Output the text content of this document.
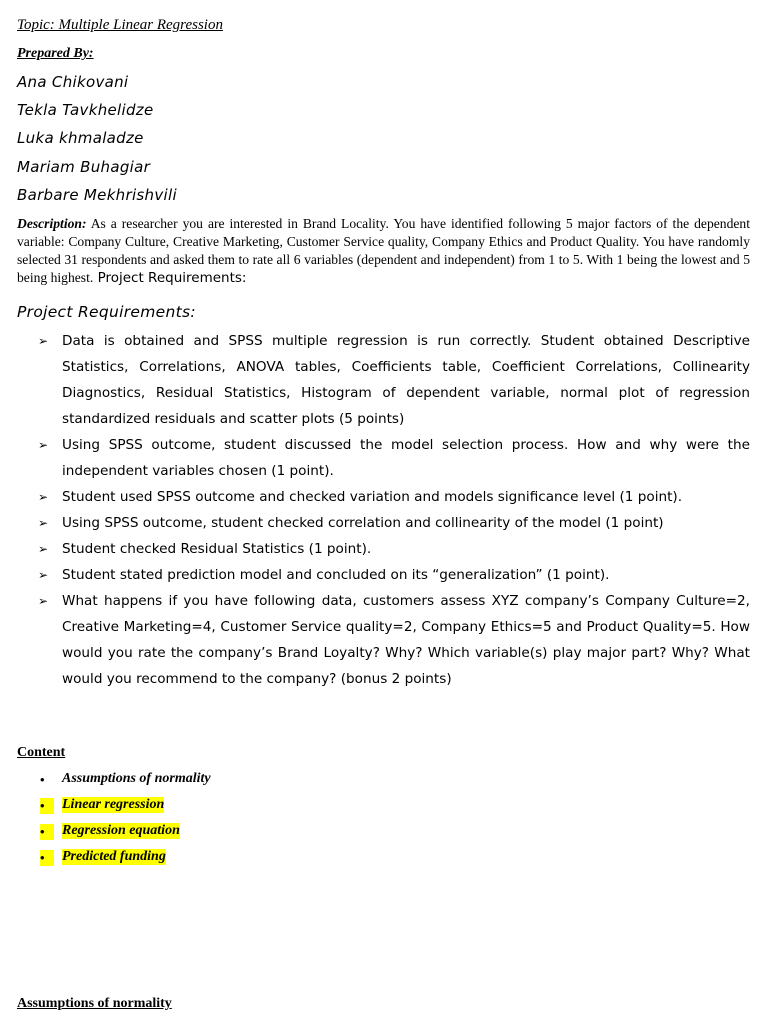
Topic: Multiple Linear Regression
Prepared By:
Ana Chikovani
Tekla Tavkhelidze
Luka khmaladze
Mariam Buhagiar
Barbare Mekhrishvili
Description: As a researcher you are interested in Brand Locality. You have identified following 5 major factors of the dependent variable: Company Culture, Creative Marketing, Customer Service quality, Company Ethics and Product Quality. You have randomly selected 31 respondents and asked them to rate all 6 variables (dependent and independent) from 1 to 5. With 1 being the lowest and 5 being highest. Project Requirements:
Project Requirements:
➢ Data is obtained and SPSS multiple regression is run correctly. Student obtained Descriptive Statistics, Correlations, ANOVA tables, Coefficients table, Coefficient Correlations, Collinearity Diagnostics, Residual Statistics, Histogram of dependent variable, normal plot of regression standardized residuals and scatter plots (5 points)
➢ Using SPSS outcome, student discussed the model selection process. How and why were the independent variables chosen (1 point).
➢ Student used SPSS outcome and checked variation and models significance level (1 point).
➢ Using SPSS outcome, student checked correlation and collinearity of the model (1 point)
➢ Student checked Residual Statistics (1 point).
➢ Student stated prediction model and concluded on its “generalization” (1 point).
➢ What happens if you have following data, customers assess XYZ company’s Company Culture=2, Creative Marketing=4, Customer Service quality=2, Company Ethics=5 and Product Quality=5. How would you rate the company’s Brand Loyalty? Why? Which variable(s) play major part? Why? What would you recommend to the company? (bonus 2 points)
Content
• Assumptions of normality
•	Linear regression
•	Regression equation
•	Predicted funding
Assumptions of normality
